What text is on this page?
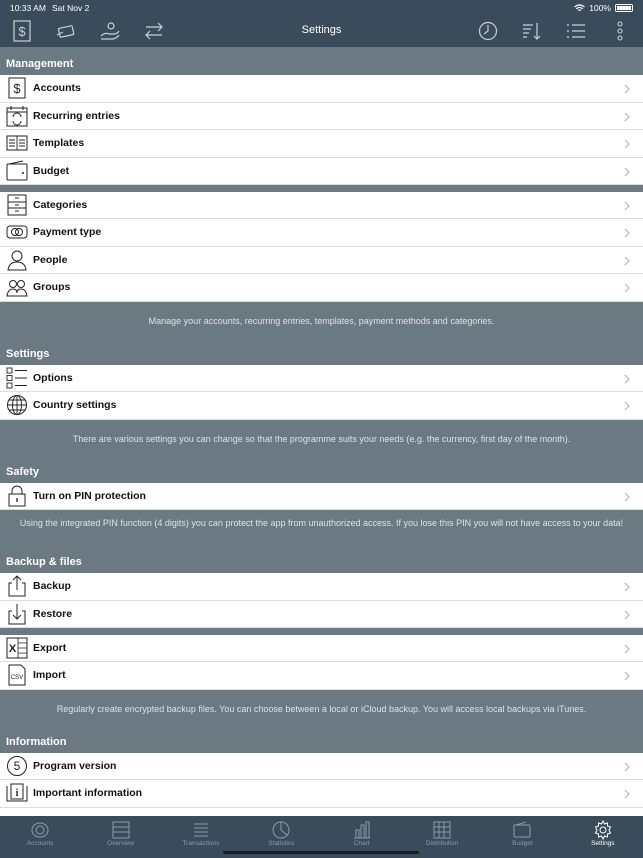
10:33 AM Sat Nov 2	100%
$	Settings
Management
$ Accounts
Recurring entries
Templates
Budget
Categories
Payment type
People
Groups
Manage your accounts, recurring entries, templates, payment methods and categories.
Settings
Options
Country settings
There are various settings you can change so that the programme suits your needs (e.g. the currency, first day of the month).
Safety
Turn on PIN protection
Using the integrated PIN function (4 digits) you can protect the app from unauthorized access. If you lose this PIN you will not have access to your data!
Backup & files
Backup
Restore
X Export
CSV Import
Regularly create encrypted backup files. You can choose between a local or iCloud backup. You will access local backups via iTunes.
Information
5 Program version
i Important information
Accounts	Overview	Transactions	Statistics	Chart	Distribution	Budget	Settings
